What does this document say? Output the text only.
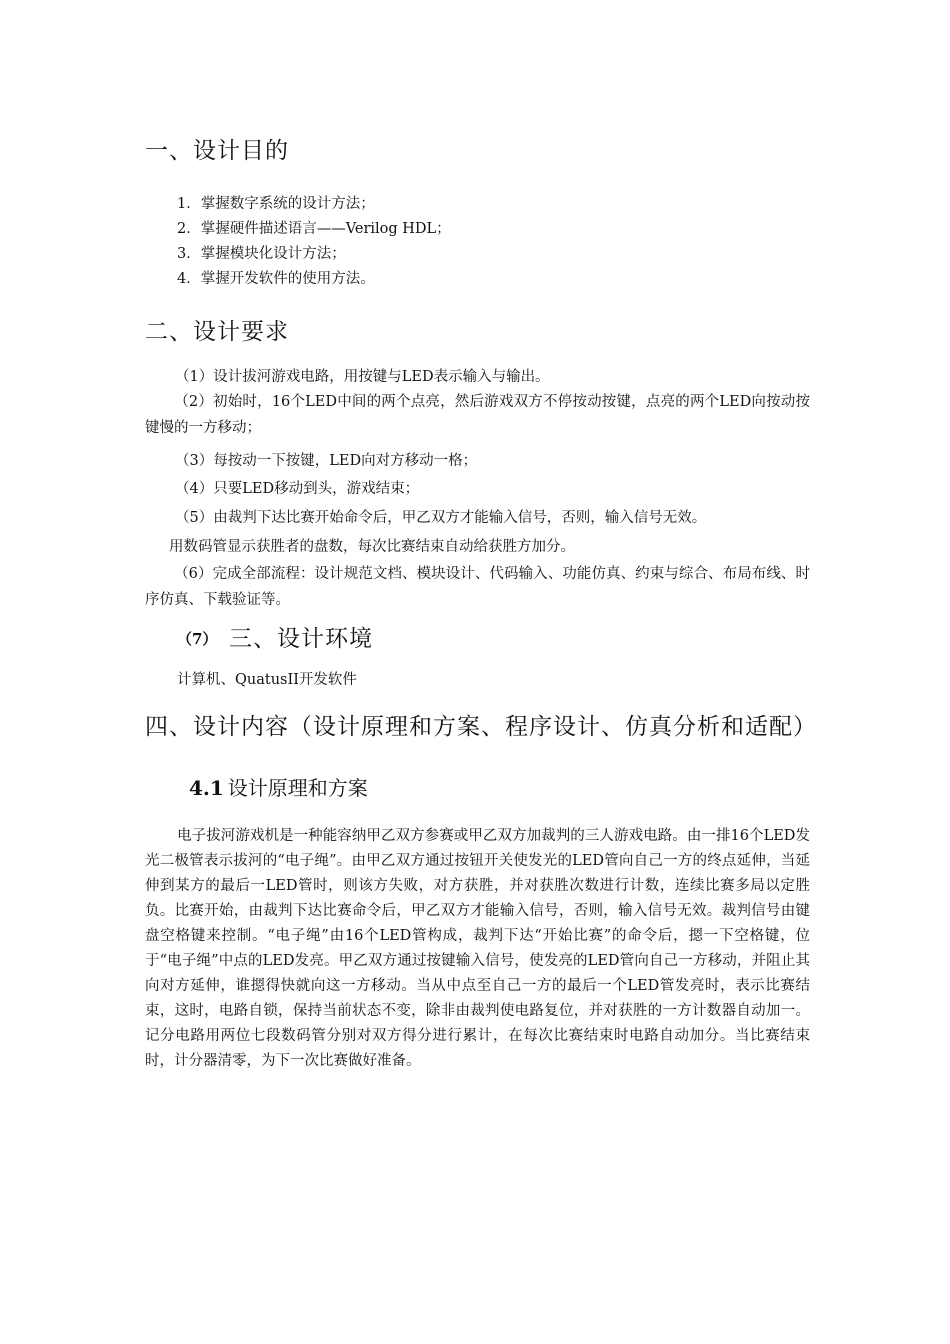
一、设计目的
1．掌握数字系统的设计方法；
2．掌握硬件描述语言——Verilog HDL；
3．掌握模块化设计方法；
4．掌握开发软件的使用方法。
二、设计要求
（1）设计拔河游戏电路，用按键与LED表示输入与输出。
（2）初始时，16个LED中间的两个点亮，然后游戏双方不停按动按键，点亮的两个LED向按动按键慢的一方移动；
（3）每按动一下按键，LED向对方移动一格；
（4）只要LED移动到头，游戏结束；
（5）由裁判下达比赛开始命令后，甲乙双方才能输入信号，否则，输入信号无效。
用数码管显示获胜者的盘数，每次比赛结束自动给获胜方加分。
（6）完成全部流程：设计规范文档、模块设计、代码输入、功能仿真、约束与综合、布局布线、时序仿真、下载验证等。
（7） 三、设计环境
计算机、QuatusII开发软件
四、设计内容（设计原理和方案、程序设计、仿真分析和适配）
4.1 设计原理和方案
电子拔河游戏机是一种能容纳甲乙双方参赛或甲乙双方加裁判的三人游戏电路。由一排16个LED发光二极管表示拔河的“电子绳”。由甲乙双方通过按钮开关使发光的LED管向自己一方的终点延伸，当延伸到某方的最后一LED管时，则该方失败，对方获胜，并对获胜次数进行计数，连续比赛多局以定胜负。比赛开始，由裁判下达比赛命令后，甲乙双方才能输入信号，否则，输入信号无效。裁判信号由键盘空格键来控制。“电子绳”由16个LED管构成，裁判下达“开始比赛”的命令后，摁一下空格键，位于“电子绳”中点的LED发亮。甲乙双方通过按键输入信号，使发亮的LED管向自己一方移动，并阻止其向对方延伸，谁摁得快就向这一方移动。当从中点至自己一方的最后一个LED管发亮时，表示比赛结束，这时，电路自锁，保持当前状态不变，除非由裁判使电路复位，并对获胜的一方计数器自动加一。记分电路用两位七段数码管分别对双方得分进行累计，在每次比赛结束时电路自动加分。当比赛结束时，计分器清零，为下一次比赛做好准备。
